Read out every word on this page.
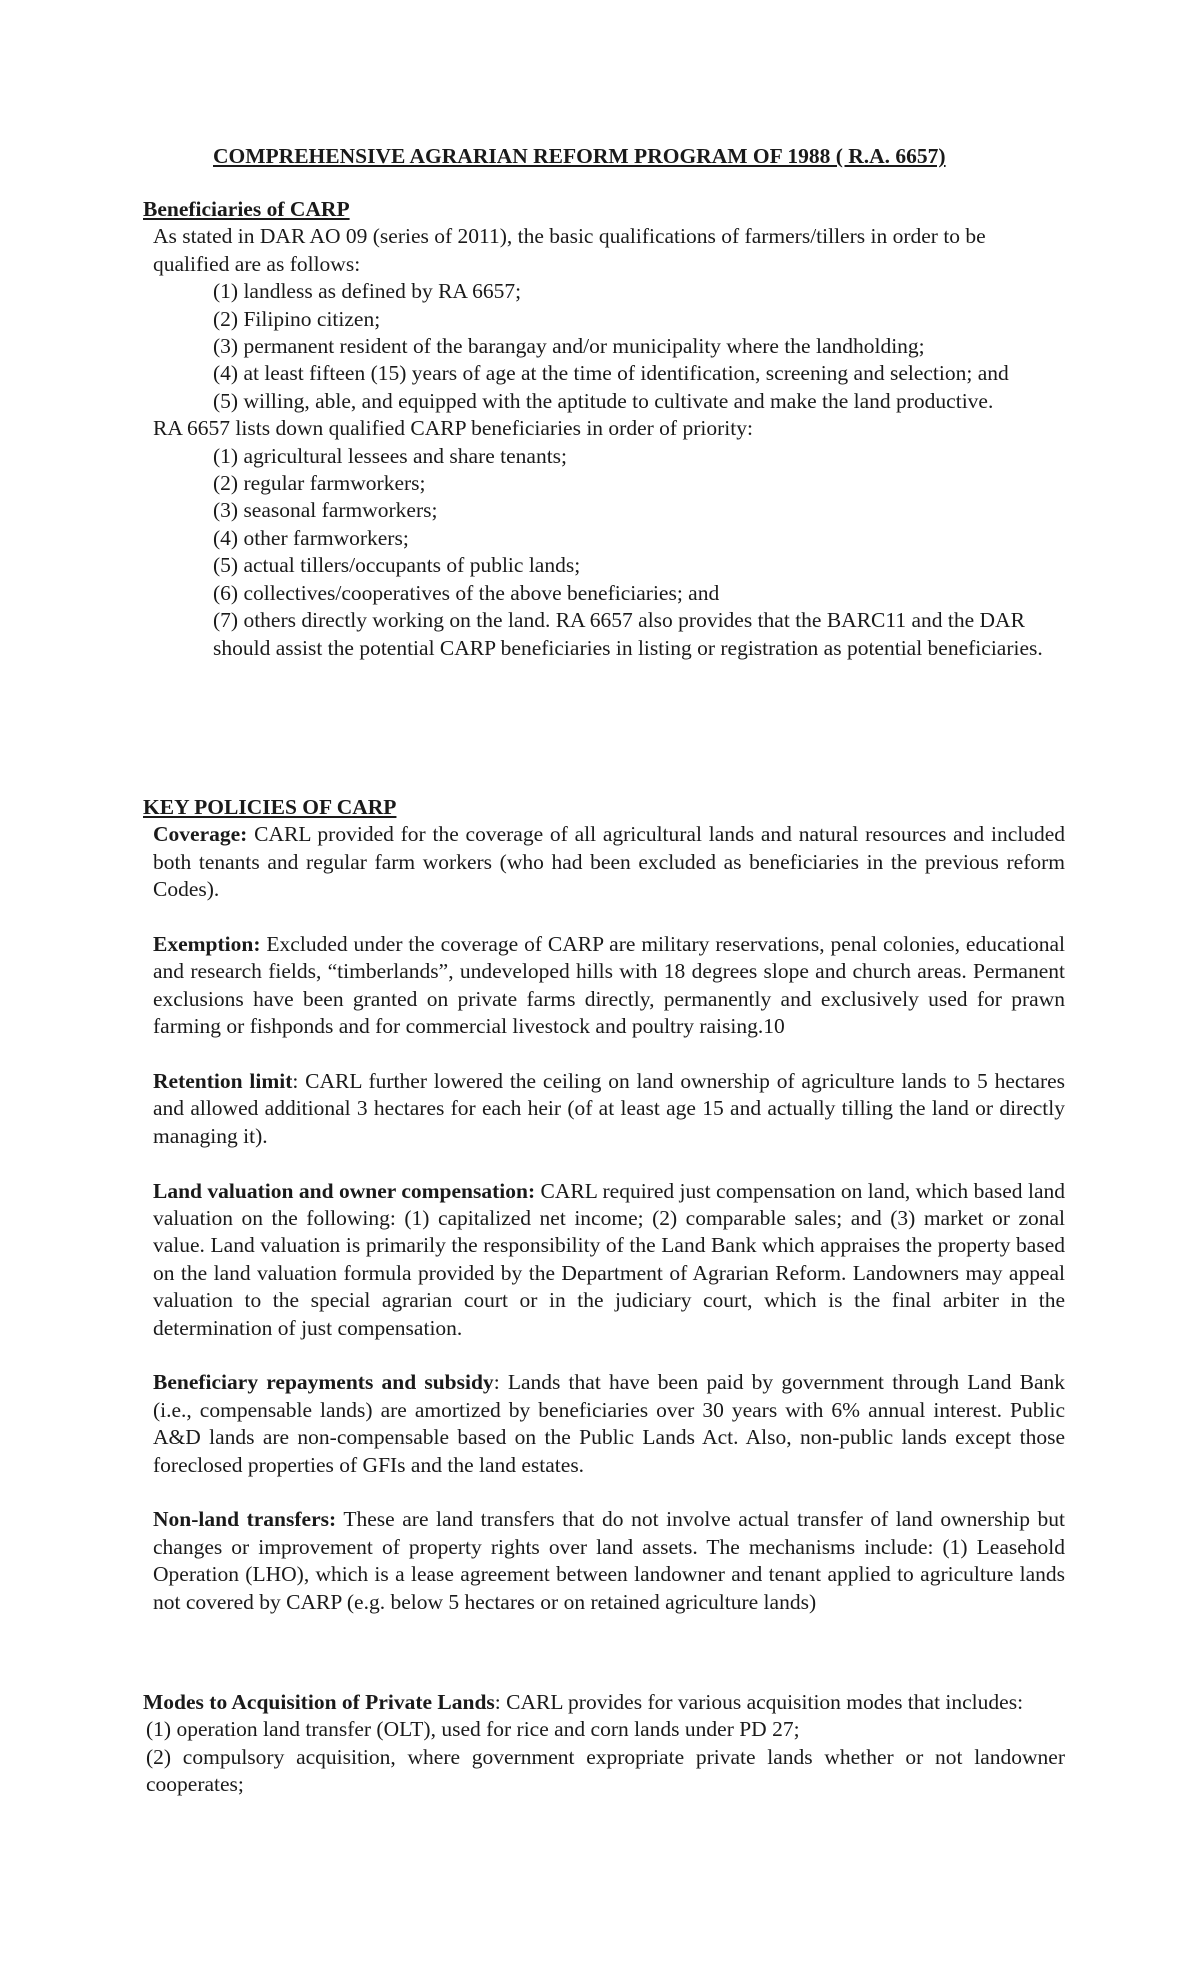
COMPREHENSIVE AGRARIAN REFORM PROGRAM OF 1988 ( R.A. 6657)
Beneficiaries of CARP

As stated in DAR AO 09 (series of 2011), the basic qualifications of farmers/tillers in order to be qualified are as follows:

(1) landless as defined by RA 6657;
(2) Filipino citizen;
(3) permanent resident of the barangay and/or municipality where the landholding;
(4) at least fifteen (15) years of age at the time of identification, screening and selection; and
(5) willing, able, and equipped with the aptitude to cultivate and make the land productive.

RA 6657 lists down qualified CARP beneficiaries in order of priority:

(1) agricultural lessees and share tenants;
(2) regular farmworkers;
(3) seasonal farmworkers;
(4) other farmworkers;
(5) actual tillers/occupants of public lands;
(6) collectives/cooperatives of the above beneficiaries; and
(7) others directly working on the land. RA 6657 also provides that the BARC11 and the DAR should assist the potential CARP beneficiaries in listing or registration as potential beneficiaries.
KEY POLICIES OF CARP

Coverage: CARL provided for the coverage of all agricultural lands and natural resources and included both tenants and regular farm workers (who had been excluded as beneficiaries in the previous reform Codes).

Exemption: Excluded under the coverage of CARP are military reservations, penal colonies, educational and research fields, “timberlands”, undeveloped hills with 18 degrees slope and church areas. Permanent exclusions have been granted on private farms directly, permanently and exclusively used for prawn farming or fishponds and for commercial livestock and poultry raising.10

Retention limit: CARL further lowered the ceiling on land ownership of agriculture lands to 5 hectares and allowed additional 3 hectares for each heir (of at least age 15 and actually tilling the land or directly managing it).

Land valuation and owner compensation: CARL required just compensation on land, which based land valuation on the following: (1) capitalized net income; (2) comparable sales; and (3) market or zonal value. Land valuation is primarily the responsibility of the Land Bank which appraises the property based on the land valuation formula provided by the Department of Agrarian Reform. Landowners may appeal valuation to the special agrarian court or in the judiciary court, which is the final arbiter in the determination of just compensation.

Beneficiary repayments and subsidy: Lands that have been paid by government through Land Bank (i.e., compensable lands) are amortized by beneficiaries over 30 years with 6% annual interest. Public A&D lands are non-compensable based on the Public Lands Act. Also, non-public lands except those foreclosed properties of GFIs and the land estates.

Non-land transfers: These are land transfers that do not involve actual transfer of land ownership but changes or improvement of property rights over land assets. The mechanisms include: (1) Leasehold Operation (LHO), which is a lease agreement between landowner and tenant applied to agriculture lands not covered by CARP (e.g. below 5 hectares or on retained agriculture lands)

Modes to Acquisition of Private Lands: CARL provides for various acquisition modes that includes:

(1) operation land transfer (OLT), used for rice and corn lands under PD 27;
(2) compulsory acquisition, where government expropriate private lands whether or not landowner cooperates;
